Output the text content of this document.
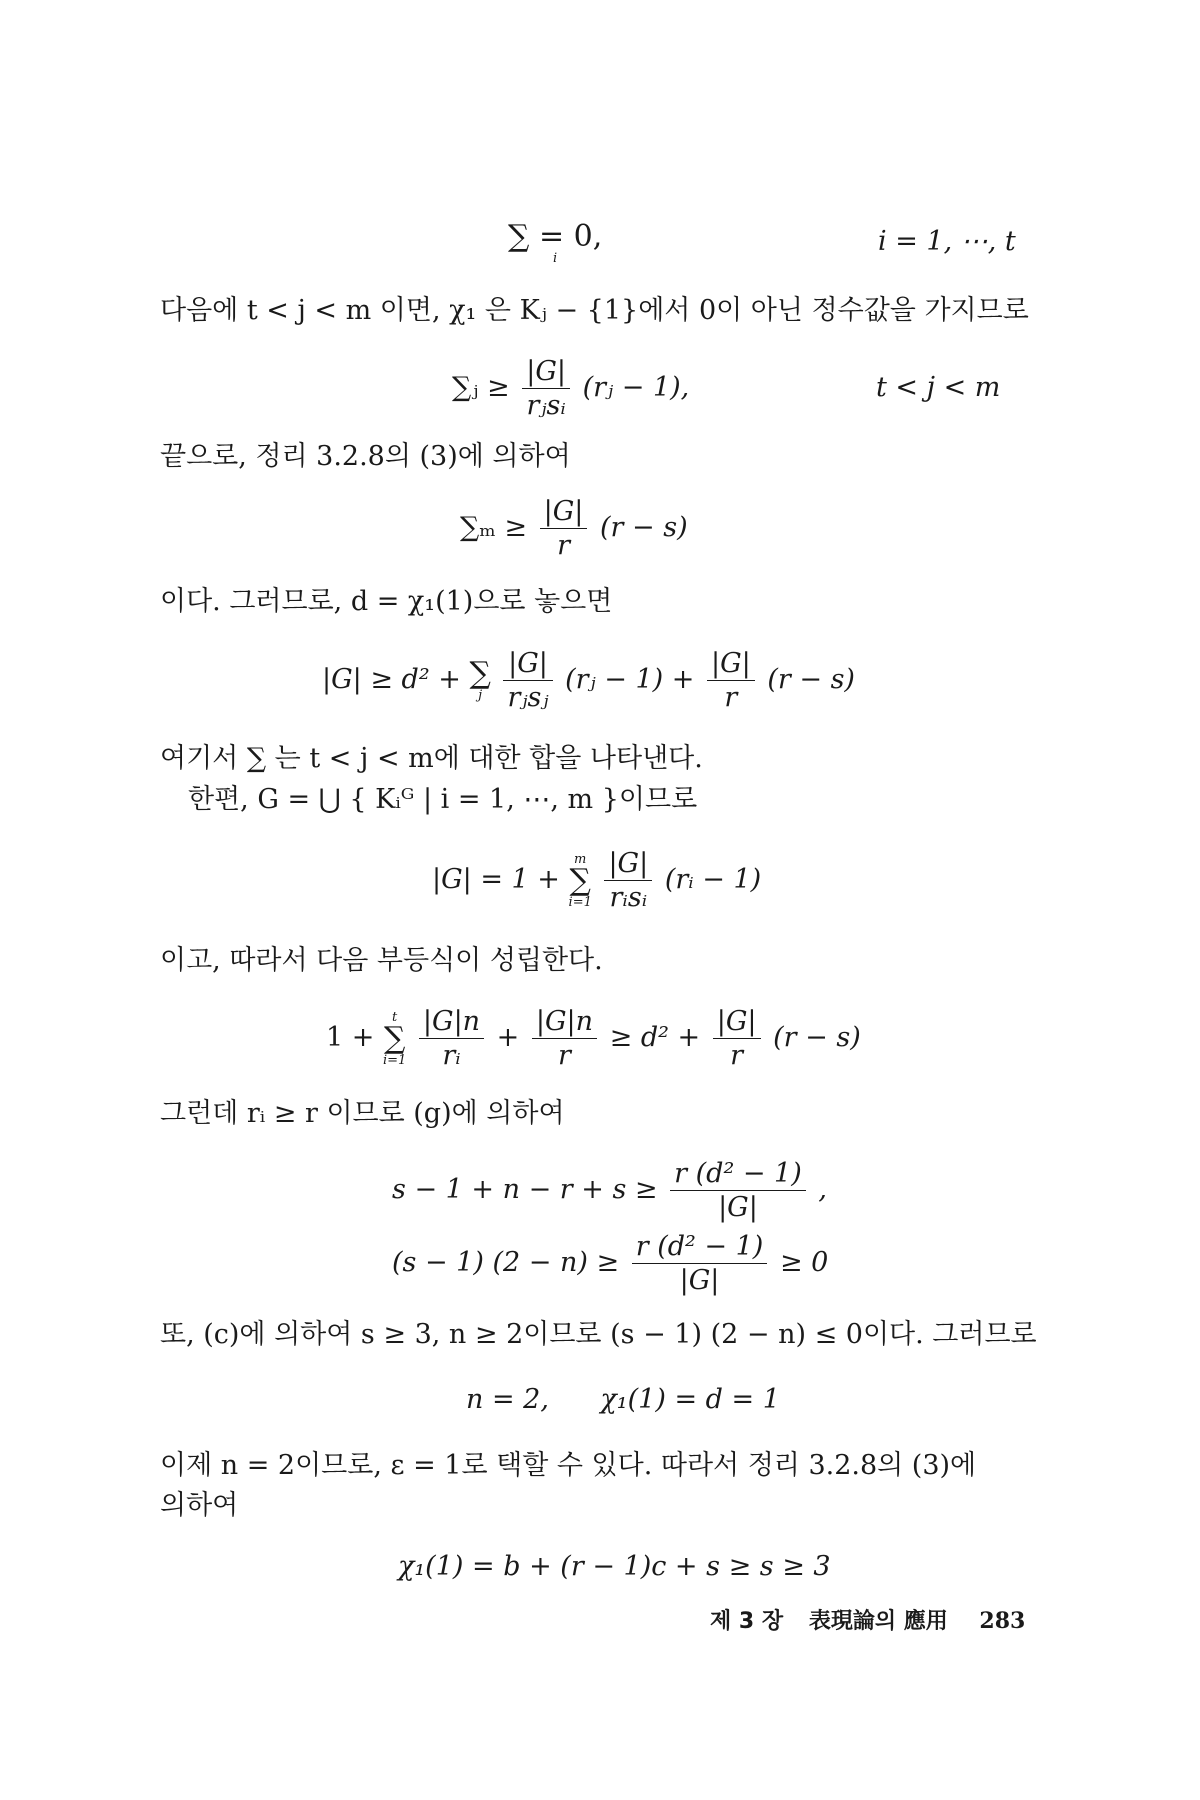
∑ = 0,
i
i = 1, ⋯, t
다음에 t < j < m 이면, χ₁ 은 Kⱼ − {1}에서 0이 아닌 정수값을 가지므로
∑ⱼ ≥ $\frac{|G|}{\text{rⱼsᵢ}}$ (rⱼ − 1),	t < j < m
끝으로, 정리 3.2.8의 (3)에 의하여
$\sum_m \ge \frac{|G|}{r} (r - s)$
이다. 그러므로, d = χ₁(1)으로 놓으면
|G| ≥ d² + ∑
j
$\frac{|G|}{\text{rⱼsⱼ}}$ (rⱼ − $1) + \frac{|G|}{r} (r - s)$
여기서 ∑ 는 t < j < m에 대한 합을 나타낸다.
한편, G = ⋃ { Kᵢᴳ | i = 1, ⋯, m }이므로
|G| = 1 +
m
∑
i=1
$\frac{|G|}{\text{rᵢsᵢ}}$ (rᵢ − 1)
이고, 따라서 다음 부등식이 성립한다.
1 +
t
∑
i=1
$\frac{|G|n}{\text{rᵢ}} + \frac{|G|n}{r} \ge d^2 + \frac{|G|}{r} (r - s)$
그런데 rᵢ ≥ r 이므로 (g)에 의하여
$s - 1 + n - r + s \ge \frac{\text{r (d² − 1)}}{|G|}$ ,
(s − 1) $(2 - n) \ge \frac{\text{r (d² − 1)}}{|G|} \ge 0$
또, (c)에 의하여 s ≥ 3, n ≥ 2이므로 (s − 1) (2 − n) ≤ 0이다. 그러므로
n = 2,      χ₁(1) = d = 1
이제 n = 2이므로, ε = 1로 택할 수 있다. 따라서 정리 3.2.8의 (3)에
의하여
χ₁(1) = b + (r − 1)c + s ≥ s ≥ 3
제 3 장 表現論의 應用 283
